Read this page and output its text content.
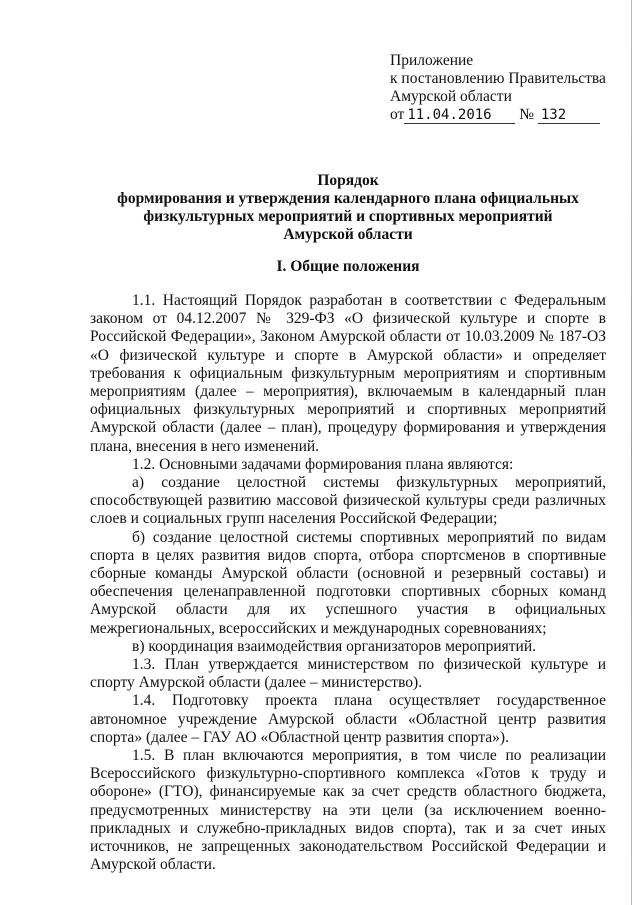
Приложение
к постановлению Правительства
Амурской области
от 11.04.2016 № 132
Порядок
формирования и утверждения календарного плана официальных
физкультурных мероприятий и спортивных мероприятий
Амурской области
I. Общие положения

1.1. Настоящий Порядок разработан в соответствии с Федеральным законом от 04.12.2007 № 329-ФЗ «О физической культуре и спорте в Российской Федерации», Законом Амурской области от 10.03.2009 № 187-ОЗ «О физической культуре и спорте в Амурской области» и определяет требования к официальным физкультурным мероприятиям и спортивным мероприятиям (далее – мероприятия), включаемым в календарный план официальных физкультурных мероприятий и спортивных мероприятий Амурской области (далее – план), процедуру формирования и утверждения плана, внесения в него изменений.

1.2. Основными задачами формирования плана являются:

а) создание целостной системы физкультурных мероприятий, способствующей развитию массовой физической культуры среди различных слоев и социальных групп населения Российской Федерации;

б) создание целостной системы спортивных мероприятий по видам спорта в целях развития видов спорта, отбора спортсменов в спортивные сборные команды Амурской области (основной и резервный составы) и обеспечения целенаправленной подготовки спортивных сборных команд Амурской области для их успешного участия в официальных межрегиональных, всероссийских и международных соревнованиях;

в) координация взаимодействия организаторов мероприятий.

1.3. План утверждается министерством по физической культуре и спорту Амурской области (далее – министерство).

1.4. Подготовку проекта плана осуществляет государственное автономное учреждение Амурской области «Областной центр развития спорта» (далее – ГАУ АО «Областной центр развития спорта»).

1.5. В план включаются мероприятия, в том числе по реализации Всероссийского физкультурно-спортивного комплекса «Готов к труду и обороне» (ГТО), финансируемые как за счет средств областного бюджета, предусмотренных министерству на эти цели (за исключением военно-прикладных и служебно-прикладных видов спорта), так и за счет иных источников, не запрещенных законодательством Российской Федерации и Амурской области.
